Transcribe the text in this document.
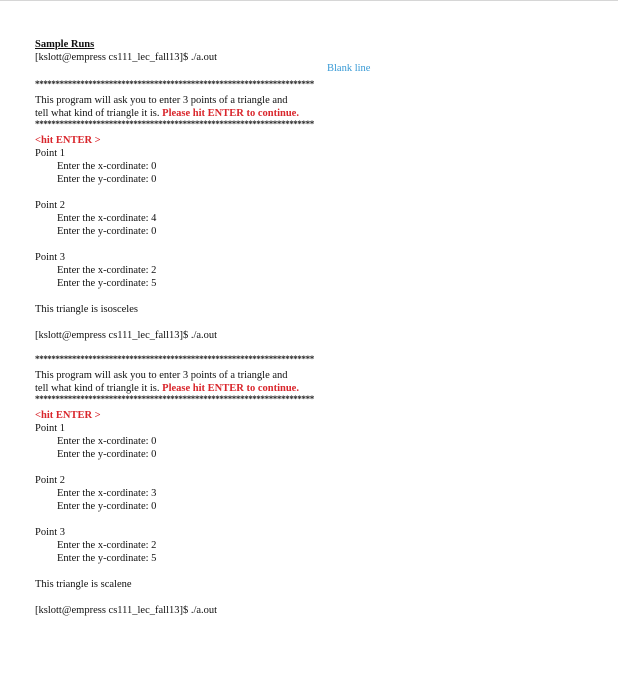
Blank line
Sample Runs
[kslott@empress cs111_lec_fall13]$ ./a.out
********************************************************************
This program will ask you to enter 3 points of a triangle and
tell what kind of triangle it is. Please hit ENTER to continue.
********************************************************************
<hit ENTER >
Point 1
Enter the x-cordinate: 0
Enter the y-cordinate: 0
Point 2
Enter the x-cordinate: 4
Enter the y-cordinate: 0
Point 3
Enter the x-cordinate: 2
Enter the y-cordinate: 5
This triangle is isosceles
[kslott@empress cs111_lec_fall13]$ ./a.out
********************************************************************
This program will ask you to enter 3 points of a triangle and
tell what kind of triangle it is. Please hit ENTER to continue.
********************************************************************
<hit ENTER >
Point 1
Enter the x-cordinate: 0
Enter the y-cordinate: 0
Point 2
Enter the x-cordinate: 3
Enter the y-cordinate: 0
Point 3
Enter the x-cordinate: 2
Enter the y-cordinate: 5
This triangle is scalene
[kslott@empress cs111_lec_fall13]$ ./a.out
